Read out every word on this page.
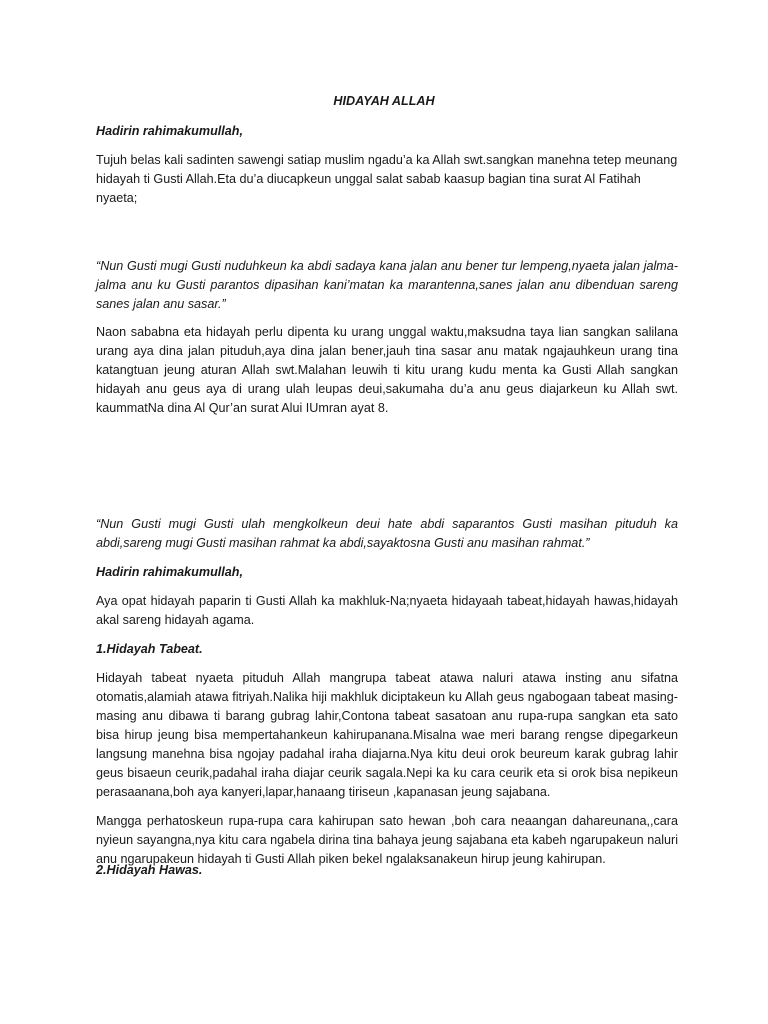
HIDAYAH ALLAH

Hadirin rahimakumullah,

Tujuh belas kali sadinten sawengi satiap muslim ngadu’a ka Allah swt.sangkan manehna tetep meunang hidayah ti Gusti Allah.Eta du’a diucapkeun unggal salat sabab kaasup bagian tina surat Al Fatihah nyaeta;

“Nun Gusti mugi Gusti nuduhkeun ka abdi sadaya kana jalan anu bener tur lempeng,nyaeta jalan jalma-jalma anu ku Gusti parantos dipasihan kani’matan ka marantenna,sanes jalan anu dibenduan sareng sanes jalan anu sasar.”

Naon sababna eta hidayah perlu dipenta ku urang unggal waktu,maksudna taya lian sangkan salilana urang aya dina jalan pituduh,aya dina jalan bener,jauh tina sasar anu matak ngajauhkeun urang tina katangtuan jeung aturan Allah swt.Malahan leuwih ti kitu urang kudu menta ka Gusti Allah sangkan hidayah anu geus aya di urang ulah leupas deui,sakumaha du’a anu geus diajarkeun ku Allah swt. kaummatNa dina Al Qur’an surat Alui IUmran ayat 8.

“Nun Gusti mugi Gusti ulah mengkolkeun deui hate abdi saparantos Gusti masihan pituduh ka abdi,sareng mugi Gusti masihan rahmat ka abdi,sayaktosna Gusti anu masihan rahmat.”

Hadirin rahimakumullah,

Aya opat hidayah paparin ti Gusti Allah ka makhluk-Na;nyaeta hidayaah tabeat,hidayah hawas,hidayah akal sareng hidayah agama.

1.Hidayah Tabeat.

Hidayah tabeat nyaeta pituduh Allah mangrupa tabeat atawa naluri atawa insting anu sifatna otomatis,alamiah atawa fitriyah.Nalika hiji makhluk diciptakeun ku Allah geus ngabogaan tabeat masing-masing anu dibawa ti barang gubrag lahir,Contona tabeat sasatoan anu rupa-rupa sangkan eta sato bisa hirup jeung bisa mempertahankeun kahirupanana.Misalna wae meri barang rengse dipegarkeun langsung manehna bisa ngojay padahal iraha diajarna.Nya kitu deui orok beureum karak gubrag lahir geus bisaeun ceurik,padahal iraha diajar ceurik sagala.Nepi ka ku cara ceurik eta si orok bisa nepikeun perasaanana,boh aya kanyeri,lapar,hanaang tiriseun ,kapanasan jeung sajabana.

Mangga perhatoskeun rupa-rupa cara kahirupan sato hewan ,boh cara neaangan dahareunana,,cara nyieun sayangna,nya kitu cara ngabela dirina tina bahaya jeung sajabana eta kabeh ngarupakeun naluri anu ngarupakeun hidayah ti Gusti Allah piken bekel ngalaksanakeun hirup jeung kahirupan.

2.Hidayah Hawas.
